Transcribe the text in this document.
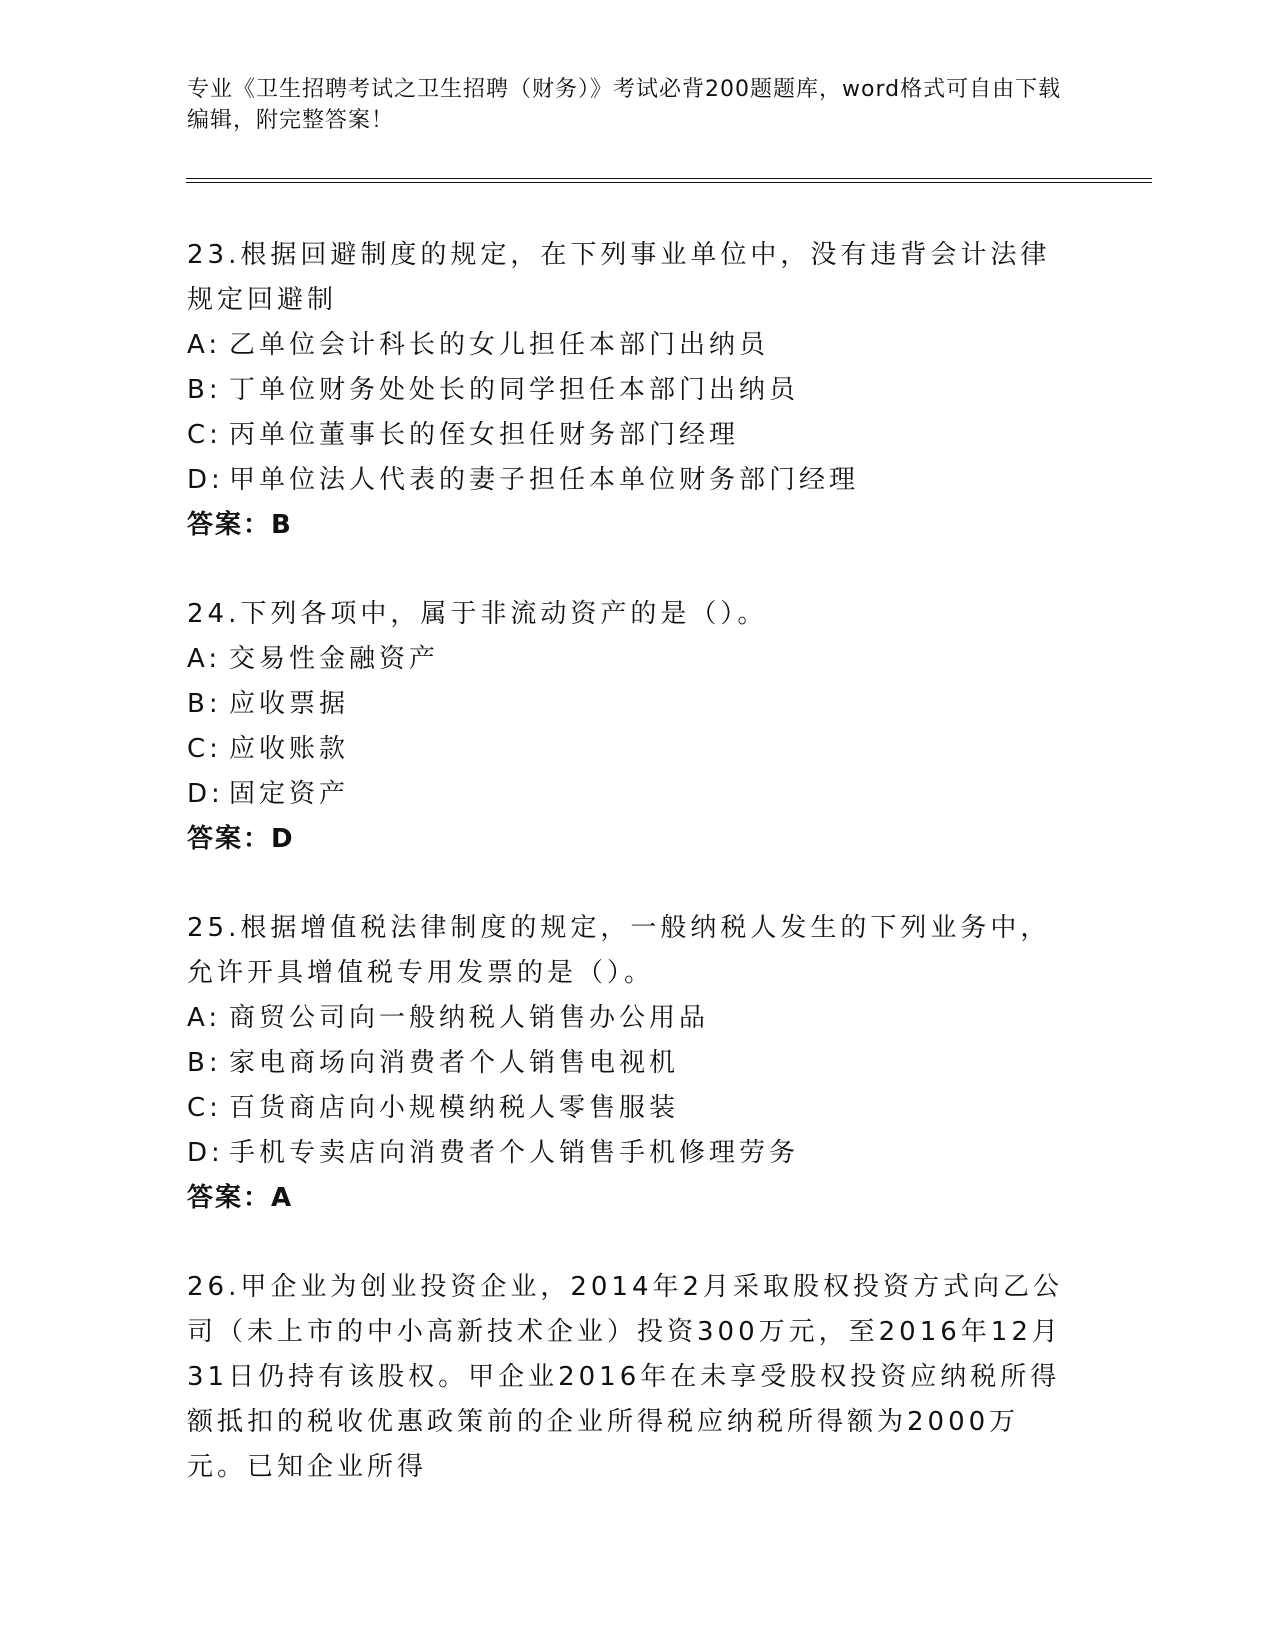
专业《卫生招聘考试之卫生招聘（财务）》考试必背200题题库，word格式可自由下载编辑，附完整答案！
23.根据回避制度的规定，在下列事业单位中，没有违背会计法律规定回避制
A: 乙单位会计科长的女儿担任本部门出纳员
B: 丁单位财务处处长的同学担任本部门出纳员
C: 丙单位董事长的侄女担任财务部门经理
D: 甲单位法人代表的妻子担任本单位财务部门经理
答案：B
24.下列各项中，属于非流动资产的是（）。
A: 交易性金融资产
B: 应收票据
C: 应收账款
D: 固定资产
答案：D
25.根据增值税法律制度的规定，一般纳税人发生的下列业务中，允许开具增值税专用发票的是（）。
A: 商贸公司向一般纳税人销售办公用品
B: 家电商场向消费者个人销售电视机
C: 百货商店向小规模纳税人零售服装
D: 手机专卖店向消费者个人销售手机修理劳务
答案：A
26.甲企业为创业投资企业，2014年2月采取股权投资方式向乙公司（未上市的中小高新技术企业）投资300万元，至2016年12月31日仍持有该股权。甲企业2016年在未享受股权投资应纳税所得额抵扣的税收优惠政策前的企业所得税应纳税所得额为2000万元。已知企业所得
